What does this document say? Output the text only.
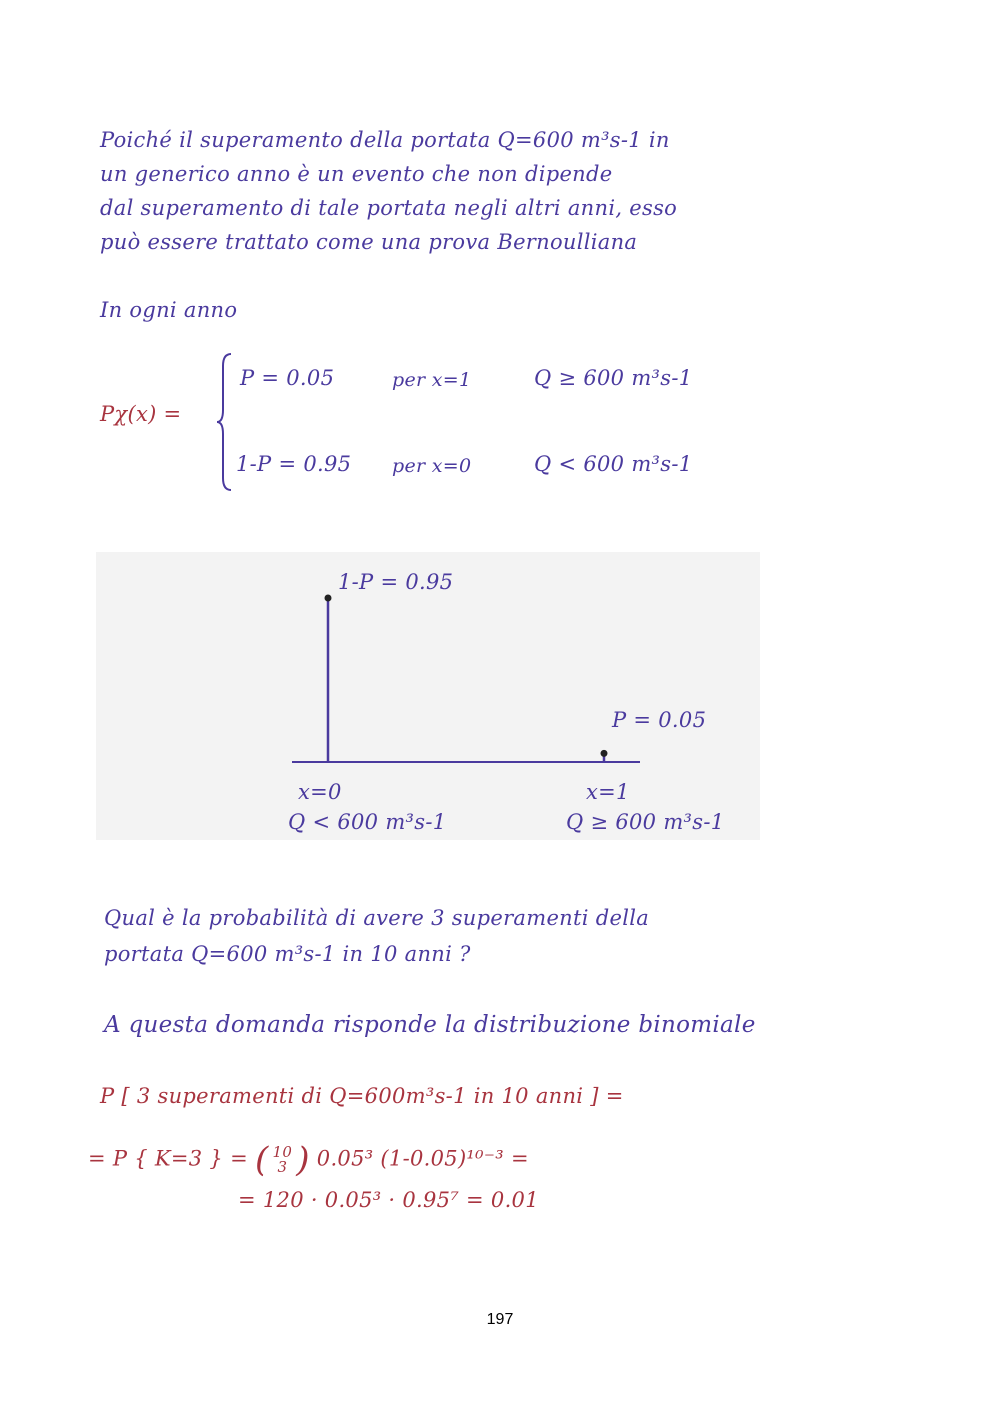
Poiché il superamento della portata Q=600 m³s-1 in
un generico anno è un evento che non dipende
dal superamento di tale portata negli altri anni, esso
può essere trattato come una prova Bernoulliana
In ogni anno
Pχ(x) =
P = 0.05	per x=1	Q ≥ 600 m³s-1
1-P = 0.95 per x=0	Q < 600 m³s-1
x=0	x=1
Q < 600 m³s-1	Q ≥ 600 m³s-1
1-P = 0.95
P = 0.05
Qual è la probabilità di avere 3 superamenti della
portata Q=600 m³s-1 in 10 anni ?
A questa domanda risponde la distribuzione binomiale
P [ 3 superamenti di Q=600m³s-1 in 10 anni ] =
= P { K=3 } = ( 10
3 ) 0.05³ (1-0.05)¹⁰⁻³ =
= 120 · 0.05³ · 0.95⁷ = 0.01
197
